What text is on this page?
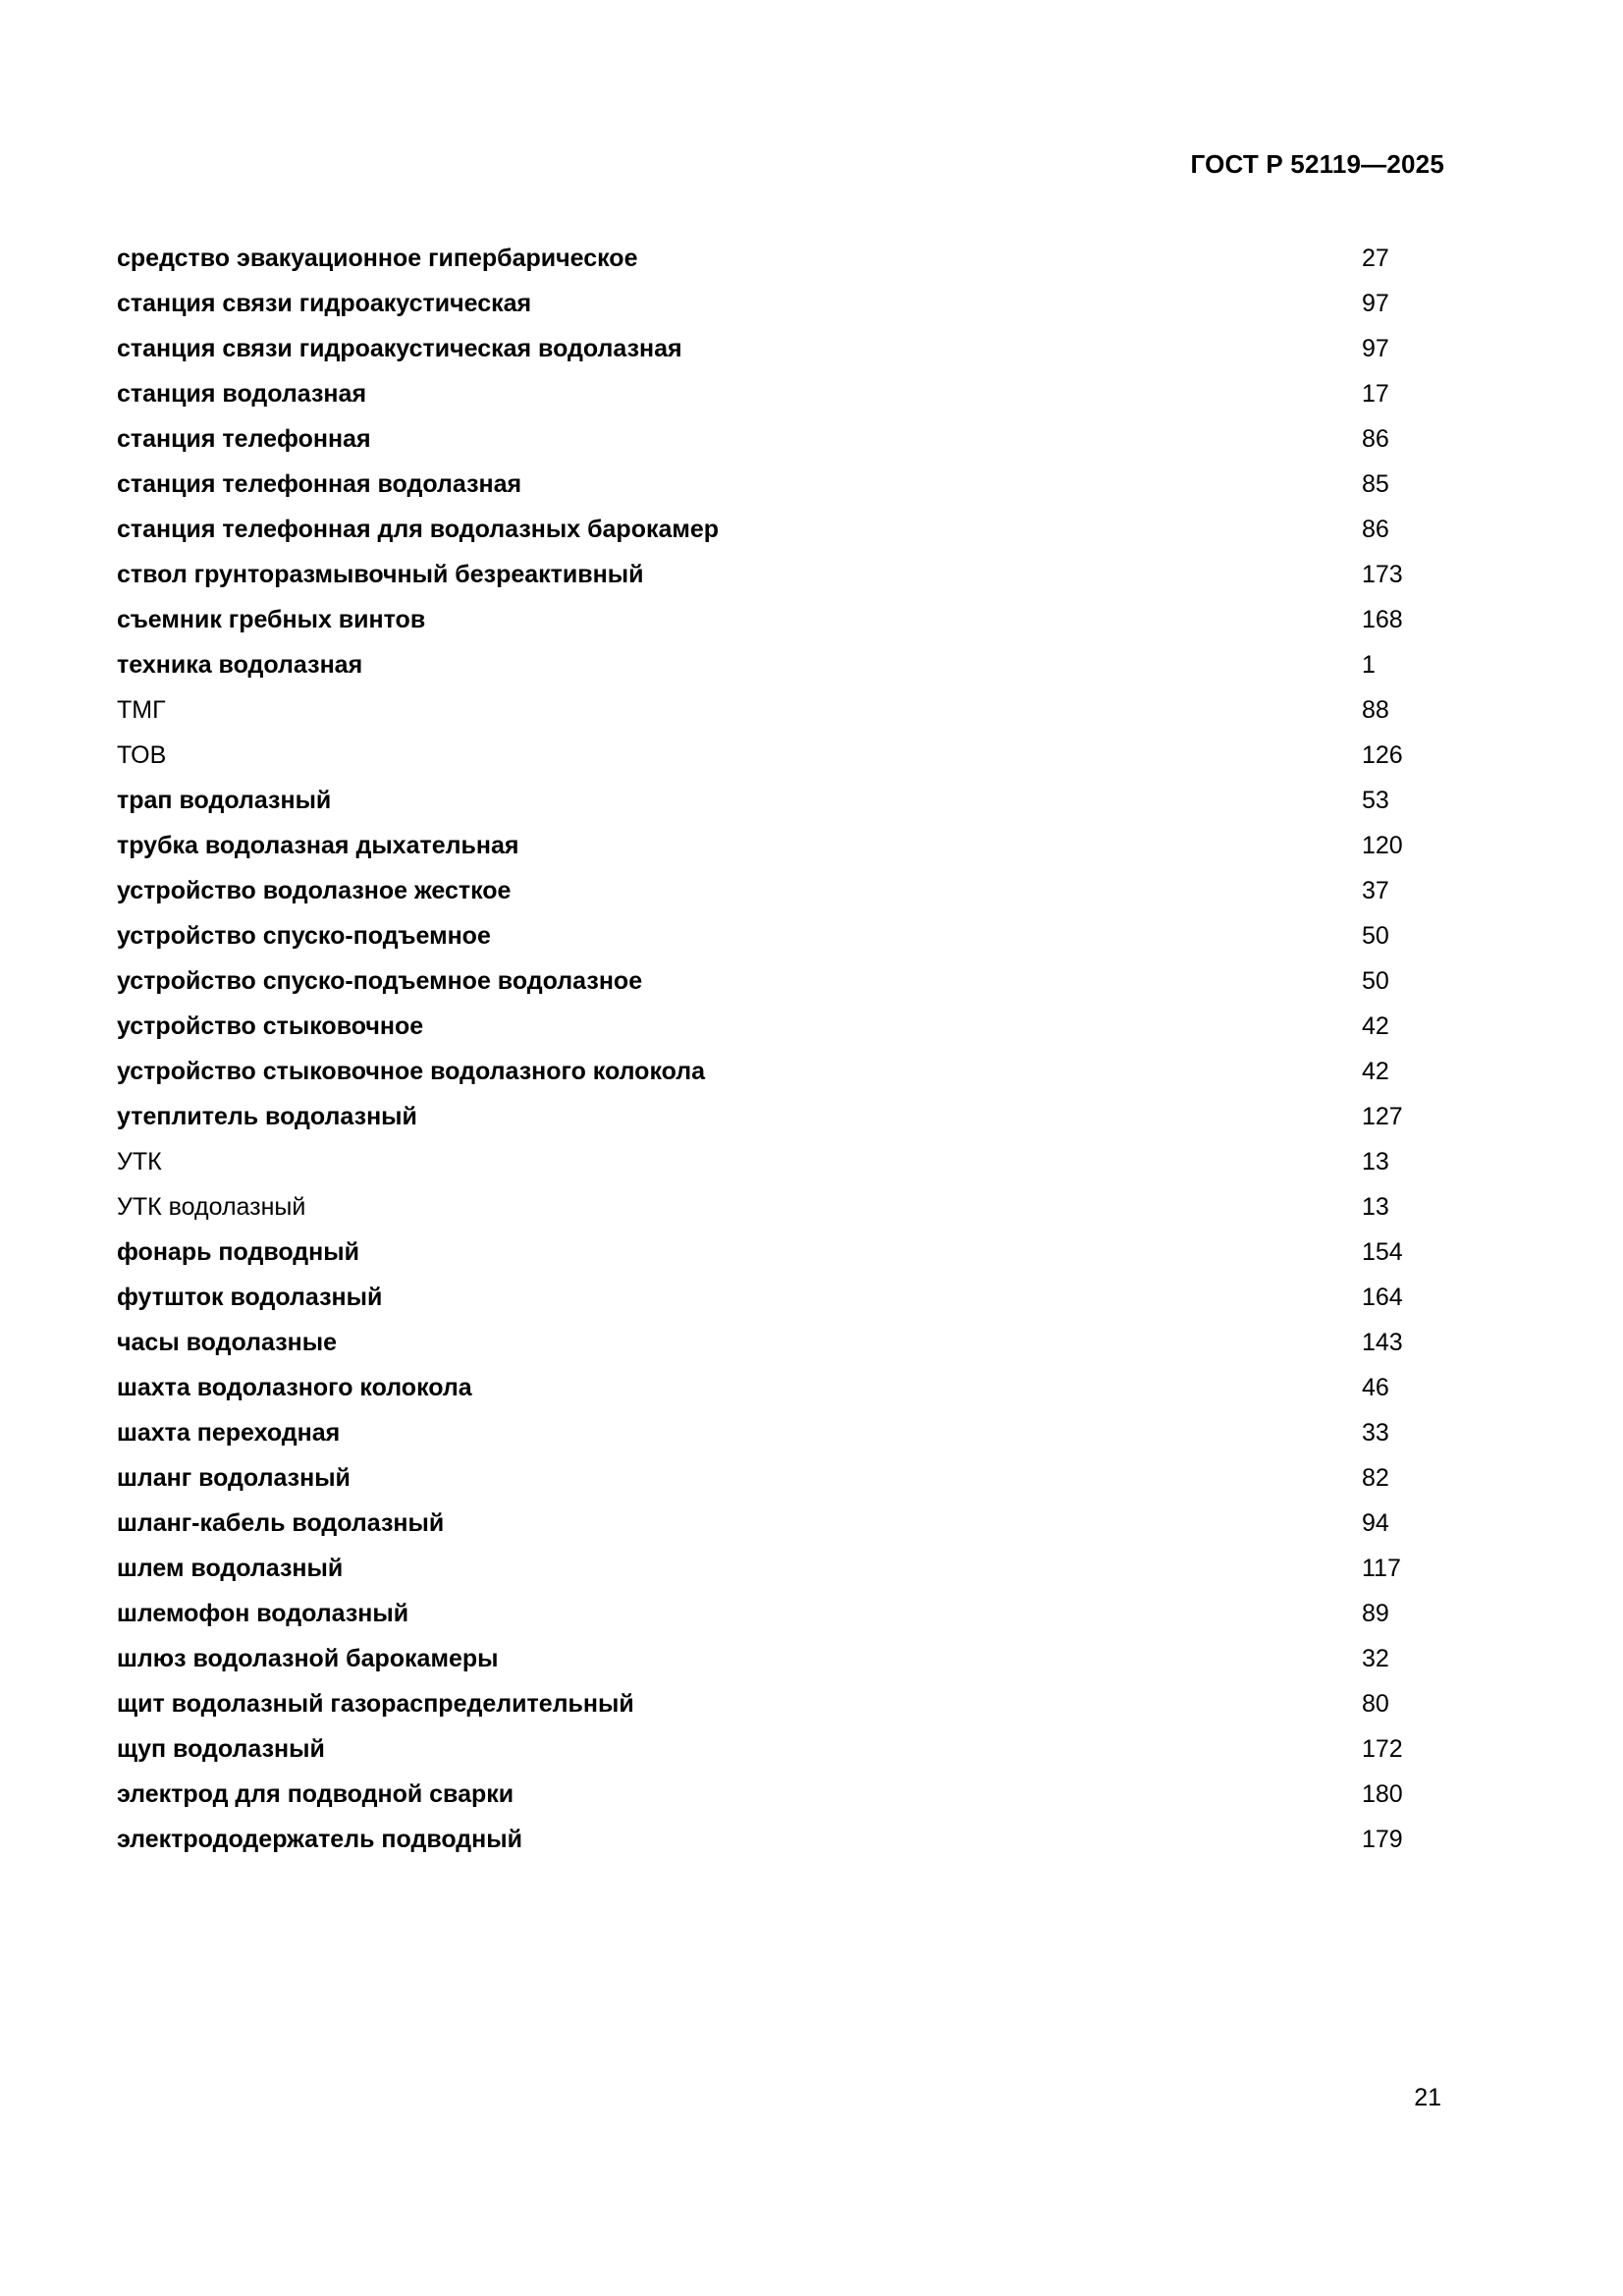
ГОСТ Р 52119—2025
средство эвакуационное гипербарическое	27
станция связи гидроакустическая	97
станция связи гидроакустическая водолазная	97
станция водолазная	17
станция телефонная	86
станция телефонная водолазная	85
станция телефонная для водолазных барокамер	86
ствол грунторазмывочный безреактивный	173
съемник гребных винтов	168
техника водолазная	1
ТМГ	88
ТОВ	126
трап водолазный	53
трубка водолазная дыхательная	120
устройство водолазное жесткое	37
устройство спуско-подъемное	50
устройство спуско-подъемное водолазное	50
устройство стыковочное	42
устройство стыковочное водолазного колокола	42
утеплитель водолазный	127
УТК	13
УТК водолазный	13
фонарь подводный	154
футшток водолазный	164
часы водолазные	143
шахта водолазного колокола	46
шахта переходная	33
шланг водолазный	82
шланг-кабель водолазный	94
шлем водолазный	117
шлемофон водолазный	89
шлюз водолазной барокамеры	32
щит водолазный газораспределительный	80
щуп водолазный	172
электрод для подводной сварки	180
электрододержатель подводный	179
21
